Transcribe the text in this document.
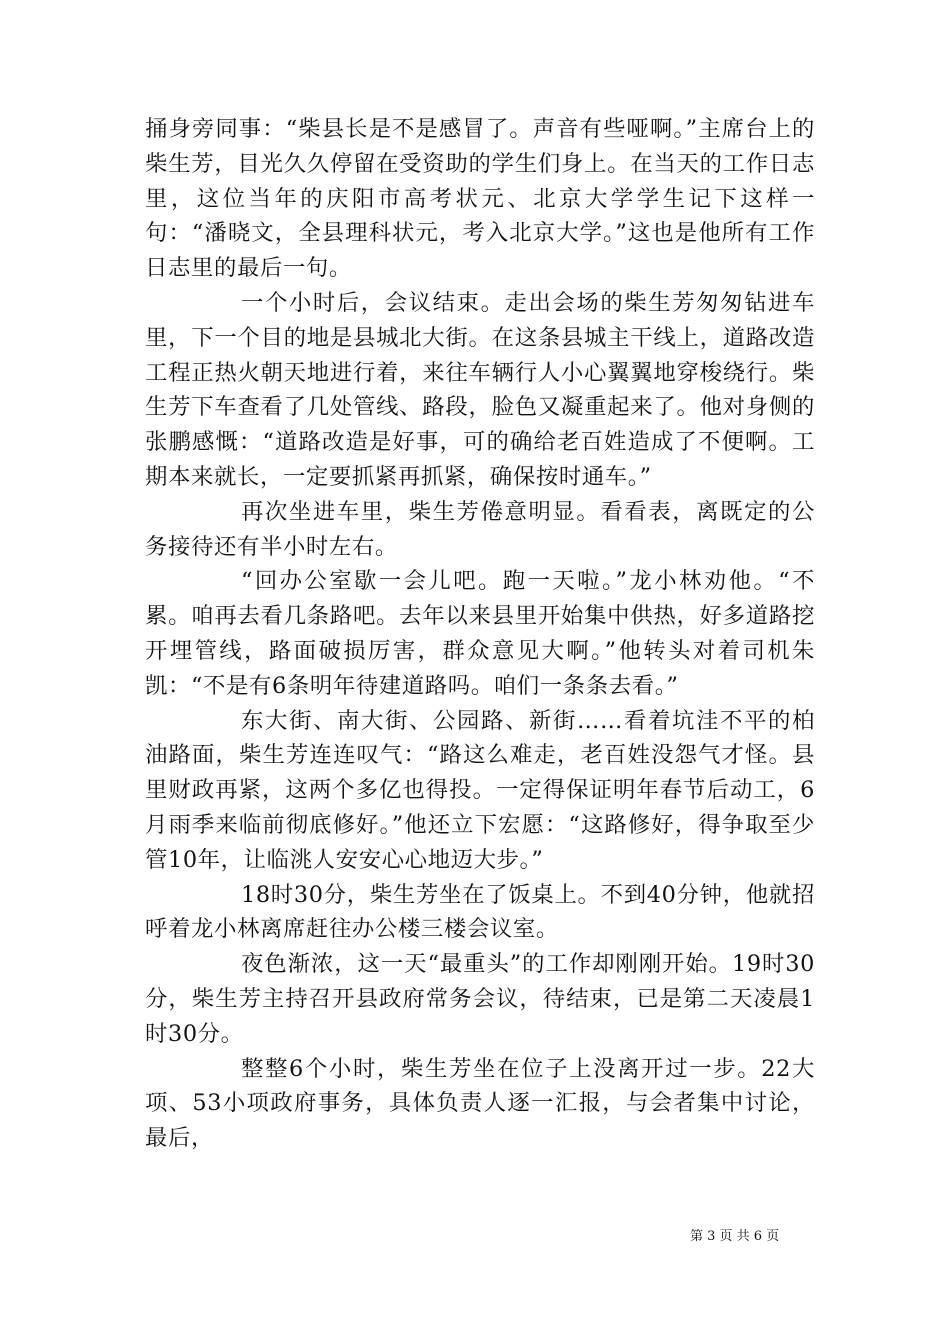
捅身旁同事：“柴县长是不是感冒了。声音有些哑啊。”主席台上的柴生芳，目光久久停留在受资助的学生们身上。在当天的工作日志里，这位当年的庆阳市高考状元、北京大学学生记下这样一句：“潘晓文，全县理科状元，考入北京大学。”这也是他所有工作日志里的最后一句。

一个小时后，会议结束。走出会场的柴生芳匆匆钻进车里，下一个目的地是县城北大街。在这条县城主干线上，道路改造工程正热火朝天地进行着，来往车辆行人小心翼翼地穿梭绕行。柴生芳下车查看了几处管线、路段，脸色又凝重起来了。他对身侧的张鹏感慨：“道路改造是好事，可的确给老百姓造成了不便啊。工期本来就长，一定要抓紧再抓紧，确保按时通车。”

再次坐进车里，柴生芳倦意明显。看看表，离既定的公务接待还有半小时左右。

“回办公室歇一会儿吧。跑一天啦。”龙小林劝他。“不累。咱再去看几条路吧。去年以来县里开始集中供热，好多道路挖开埋管线，路面破损厉害，群众意见大啊。”他转头对着司机朱凯：“不是有6条明年待建道路吗。咱们一条条去看。”

东大街、南大街、公园路、新街……看着坑洼不平的柏油路面，柴生芳连连叹气：“路这么难走，老百姓没怨气才怪。县里财政再紧，这两个多亿也得投。一定得保证明年春节后动工，6月雨季来临前彻底修好。”他还立下宏愿：“这路修好，得争取至少管10年，让临洮人安安心心地迈大步。”

18时30分，柴生芳坐在了饭桌上。不到40分钟，他就招呼着龙小林离席赶往办公楼三楼会议室。

夜色渐浓，这一天“最重头”的工作却刚刚开始。19时30分，柴生芳主持召开县政府常务会议，待结束，已是第二天凌晨1时30分。

整整6个小时，柴生芳坐在位子上没离开过一步。22大项、53小项政府事务，具体负责人逐一汇报，与会者集中讨论，最后，

第 3 页 共 6 页
